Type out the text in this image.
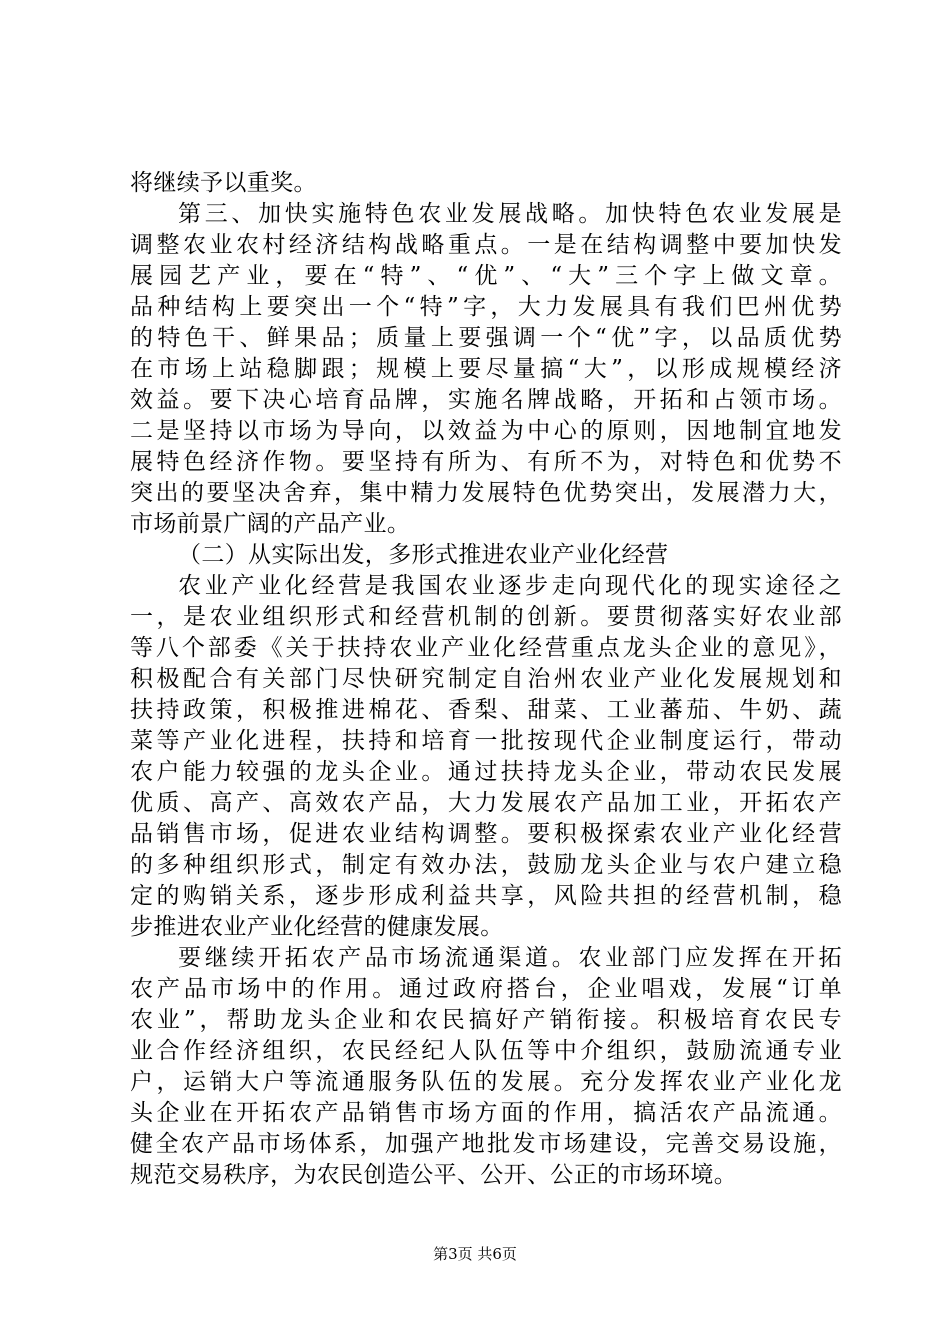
将继续予以重奖。
第三、加快实施特色农业发展战略。加快特色农业发展是
调整农业农村经济结构战略重点。一是在结构调整中要加快发
展园艺产业，要在“特”、“优”、“大”三个字上做文章。
品种结构上要突出一个“特”字，大力发展具有我们巴州优势
的特色干、鲜果品；质量上要强调一个“优”字，以品质优势
在市场上站稳脚跟；规模上要尽量搞“大”，以形成规模经济
效益。要下决心培育品牌，实施名牌战略，开拓和占领市场。
二是坚持以市场为导向，以效益为中心的原则，因地制宜地发
展特色经济作物。要坚持有所为、有所不为，对特色和优势不
突出的要坚决舍弃，集中精力发展特色优势突出，发展潜力大，
市场前景广阔的产品产业。
（二）从实际出发，多形式推进农业产业化经营
农业产业化经营是我国农业逐步走向现代化的现实途径之
一，是农业组织形式和经营机制的创新。要贯彻落实好农业部
等八个部委《关于扶持农业产业化经营重点龙头企业的意见》，
积极配合有关部门尽快研究制定自治州农业产业化发展规划和
扶持政策，积极推进棉花、香梨、甜菜、工业蕃茄、牛奶、蔬
菜等产业化进程，扶持和培育一批按现代企业制度运行，带动
农户能力较强的龙头企业。通过扶持龙头企业，带动农民发展
优质、高产、高效农产品，大力发展农产品加工业，开拓农产
品销售市场，促进农业结构调整。要积极探索农业产业化经营
的多种组织形式，制定有效办法，鼓励龙头企业与农户建立稳
定的购销关系，逐步形成利益共享，风险共担的经营机制，稳
步推进农业产业化经营的健康发展。
要继续开拓农产品市场流通渠道。农业部门应发挥在开拓
农产品市场中的作用。通过政府搭台，企业唱戏，发展“订单
农业”，帮助龙头企业和农民搞好产销衔接。积极培育农民专
业合作经济组织，农民经纪人队伍等中介组织，鼓励流通专业
户，运销大户等流通服务队伍的发展。充分发挥农业产业化龙
头企业在开拓农产品销售市场方面的作用，搞活农产品流通。
健全农产品市场体系，加强产地批发市场建设，完善交易设施，
规范交易秩序，为农民创造公平、公开、公正的市场环境。
第3页 共6页
